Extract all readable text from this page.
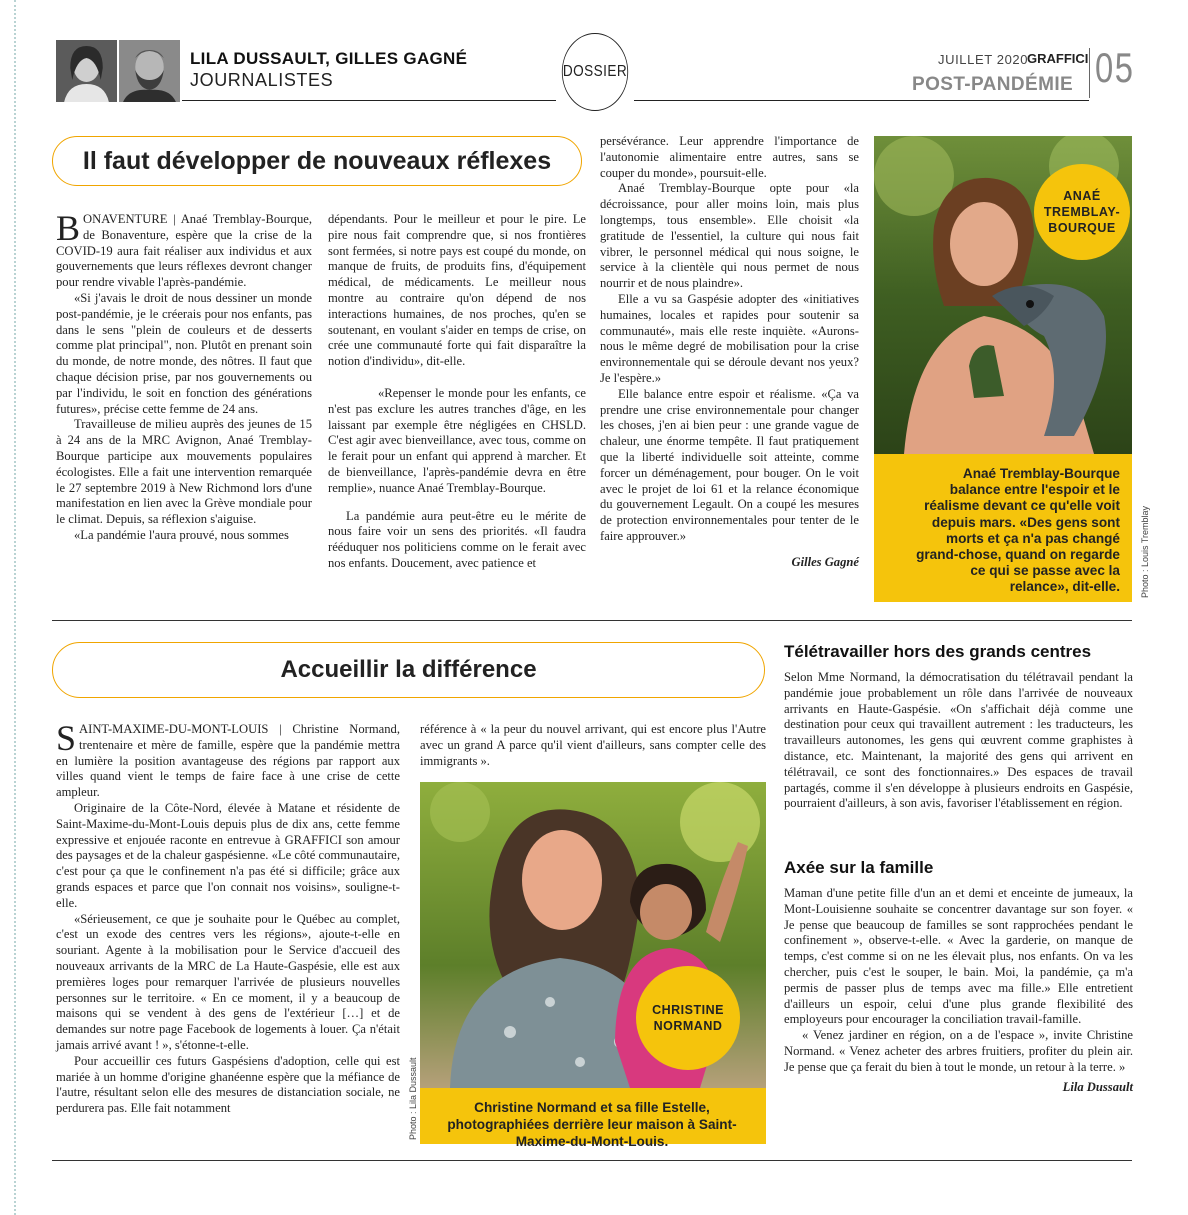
LILA DUSSAULT, GILLES GAGNÉ
JOURNALISTES	DOSSIER
JUILLET 2020
GRAFFICI
POST-PANDÉMIE 05
Il faut développer de nouveaux réflexes

BONAVENTURE | Anaé Tremblay-Bourque, de Bonaventure, espère que la crise de la COVID-19 aura fait réaliser aux individus et aux gouvernements que leurs réflexes devront changer pour rendre vivable l'après-pandémie.

«Si j'avais le droit de nous dessiner un monde post-pandémie, je le créerais pour nos enfants, pas dans le sens "plein de couleurs et de desserts comme plat principal", non. Plutôt en prenant soin du monde, de notre monde, des nôtres. Il faut que chaque décision prise, par nos gouvernements ou par l'individu, le soit en fonction des générations futures», précise cette femme de 24 ans.

Travailleuse de milieu auprès des jeunes de 15 à 24 ans de la MRC Avignon, Anaé Tremblay-Bourque participe aux mouvements populaires écologistes. Elle a fait une intervention remarquée le 27 septembre 2019 à New Richmond lors d'une manifestation en lien avec la Grève mondiale pour le climat. Depuis, sa réflexion s'aiguise.

«La pandémie l'aura prouvé, nous sommes

dépendants. Pour le meilleur et pour le pire. Le pire nous fait comprendre que, si nos frontières sont fermées, si notre pays est coupé du monde, on manque de fruits, de produits fins, d'équipement médical, de médicaments. Le meilleur nous montre au contraire qu'on dépend de nos interactions humaines, de nos proches, qu'en se soutenant, en voulant s'aider en temps de crise, on crée une communauté forte qui fait disparaître la notion d'individu», dit-elle.

«Repenser le monde pour les enfants, ce n'est pas exclure les autres tranches d'âge, en les laissant par exemple être négligées en CHSLD. C'est agir avec bienveillance, avec tous, comme on le ferait pour un enfant qui apprend à marcher. Et de bienveillance, l'après-pandémie devra en être remplie», nuance Anaé Tremblay-Bourque.

La pandémie aura peut-être eu le mérite de nous faire voir un sens des priorités. «Il faudra rééduquer nos politiciens comme on le ferait avec nos enfants. Doucement, avec patience et

persévérance. Leur apprendre l'importance de l'autonomie alimentaire entre autres, sans se couper du monde», poursuit-elle.

Anaé Tremblay-Bourque opte pour «la décroissance, pour aller moins loin, mais plus longtemps, tous ensemble». Elle choisit «la gratitude de l'essentiel, la culture qui nous fait vibrer, le personnel médical qui nous soigne, le service à la clientèle qui nous permet de nous nourrir et de nous plaindre».

Elle a vu sa Gaspésie adopter des «initiatives humaines, locales et rapides pour soutenir sa communauté», mais elle reste inquiète. «Aurons-nous le même degré de mobilisation pour la crise environnementale qui se déroule devant nos yeux? Je l'espère.»

Elle balance entre espoir et réalisme. «Ça va prendre une crise environnementale pour changer les choses, j'en ai bien peur : une grande vague de chaleur, une énorme tempête. Il faut pratiquement que la liberté individuelle soit atteinte, comme forcer un déménagement, pour bouger. On le voit avec le projet de loi 61 et la relance économique du gouvernement Legault. On a coupé les mesures de protection environnementales pour tenter de le faire approuver.»

Gilles Gagné
ANAÉ TREMBLAY-BOURQUE
Anaé Tremblay-Bourque balance entre l'espoir et le réalisme devant ce qu'elle voit depuis mars. «Des gens sont morts et ça n'a pas changé grand-chose, quand on regarde ce qui se passe avec la relance», dit-elle.	Photo : Louis Tremblay
Accueillir la différence

SAINT-MAXIME-DU-MONT-LOUIS | Christine Normand, trentenaire et mère de famille, espère que la pandémie mettra en lumière la position avantageuse des régions par rapport aux villes quand vient le temps de faire face à une crise de cette ampleur.

Originaire de la Côte-Nord, élevée à Matane et résidente de Saint-Maxime-du-Mont-Louis depuis plus de dix ans, cette femme expressive et enjouée raconte en entrevue à GRAFFICI son amour des paysages et de la chaleur gaspésienne. «Le côté communautaire, c'est pour ça que le confinement n'a pas été si difficile; grâce aux grands espaces et parce que l'on connait nos voisins», souligne-t-elle.

«Sérieusement, ce que je souhaite pour le Québec au complet, c'est un exode des centres vers les régions», ajoute-t-elle en souriant. Agente à la mobilisation pour le Service d'accueil des nouveaux arrivants de la MRC de La Haute-Gaspésie, elle est aux premières loges pour remarquer l'arrivée de plusieurs nouvelles personnes sur le territoire. « En ce moment, il y a beaucoup de maisons qui se vendent à des gens de l'extérieur […] et de demandes sur notre page Facebook de logements à louer. Ça n'était jamais arrivé avant ! », s'étonne-t-elle.

Pour accueillir ces futurs Gaspésiens d'adoption, celle qui est mariée à un homme d'origine ghanéenne espère que la méfiance de l'autre, résultant selon elle des mesures de distanciation sociale, ne perdurera pas. Elle fait notamment

référence à « la peur du nouvel arrivant, qui est encore plus l'Autre avec un grand A parce qu'il vient d'ailleurs, sans compter celle des immigrants ».

CHRISTINE NORMAND
Christine Normand et sa fille Estelle, photographiées derrière leur maison à Saint-Maxime-du-Mont-Louis.
Photo : Lila Dussault
Télétravailler hors des grands centres

Selon Mme Normand, la démocratisation du télétravail pendant la pandémie joue probablement un rôle dans l'arrivée de nouveaux arrivants en Haute-Gaspésie. «On s'affichait déjà comme une destination pour ceux qui travaillent autrement : les traducteurs, les travailleurs autonomes, les gens qui œuvrent comme graphistes à distance, etc. Maintenant, la majorité des gens qui arrivent en télétravail, ce sont des fonctionnaires.» Des espaces de travail partagés, comme il s'en développe à plusieurs endroits en Gaspésie, pourraient d'ailleurs, à son avis, favoriser l'établissement en région.

Axée sur la famille

Maman d'une petite fille d'un an et demi et enceinte de jumeaux, la Mont-Louisienne souhaite se concentrer davantage sur son foyer. « Je pense que beaucoup de familles se sont rapprochées pendant le confinement », observe-t-elle. « Avec la garderie, on manque de temps, c'est comme si on ne les élevait plus, nos enfants. On va les chercher, puis c'est le souper, le bain. Moi, la pandémie, ça m'a permis de passer plus de temps avec ma fille.» Elle entretient d'ailleurs un espoir, celui d'une plus grande flexibilité des employeurs pour encourager la conciliation travail-famille.

« Venez jardiner en région, on a de l'espace », invite Christine Normand. « Venez acheter des arbres fruitiers, profiter du plein air. Je pense que ça ferait du bien à tout le monde, un retour à la terre. »

Lila Dussault
